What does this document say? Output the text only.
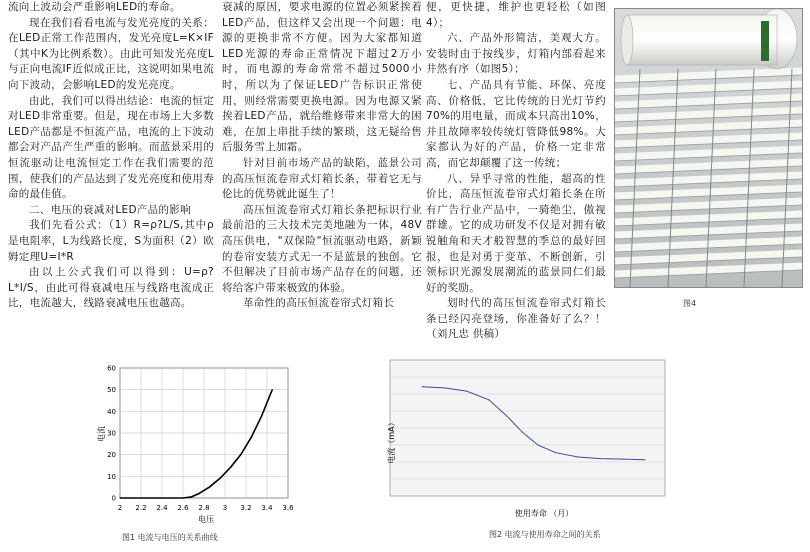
流向上波动会严重影响LED的寿命。

现在我们看看电流与发光亮度的关系：在LED正常工作范围内，发光亮度L=K×IF（其中K为比例系数）。由此可知发光亮度L与正向电流IF近似成正比，这说明如果电流向下波动，会影响LED的发光亮度。

由此，我们可以得出结论：电流的恒定对LED非常重要。但是，现在市场上大多数LED产品都是不恒流产品，电流的上下波动都会对产品产生严重的影响。而蓝景采用的恒流驱动让电流恒定工作在我们需要的范围，使我们的产品达到了发光亮度和使用寿命的最佳值。

二、电压的衰减对LED产品的影响

我们先看公式：（1）R=ρ?L/S,其中ρ是电阻率，L为线路长度，S为面积（2）欧姆定理U=I*R

由以上公式我们可以得到：U=ρ?L*I/S，由此可得衰减电压与线路电流成正比，电流越大，线路衰减电压也越高。

衰减的原因，要求电源的位置必须紧挨着LED产品，但这样又会出现一个问题：电源的更换非常不方便。因为大家都知道LED光源的寿命正常情况下超过2万小时，而电源的寿命常常不超过5000小时，所以为了保证LED广告标识正常使用，则经常需要更换电源。因为电源又紧挨着LED产品，就给维修带来非常大的困难，在加上串批手续的繁琐，这无疑给售后服务雪上加霜。

针对目前市场产品的缺陷，蓝景公司的高压恒流卷帘式灯箱长条，带着它无与伦比的优势就此诞生了！

高压恒流卷帘式灯箱长条把标识行业最前沿的三大技术完美地融为一体，48V高压供电，"双保险"恒流驱动电路，新颖的卷帘安装方式无一不是蓝景的独创。它不但解决了目前市场产品存在的问题，还将给客户带来极致的体验。

革命性的高压恒流卷帘式灯箱长

便，更快捷，维护也更轻松（如图4）；

六、产品外形简洁，美观大方。安装时由于按线步，灯箱内部看起来井然有序（如图5）；

七、产品具有节能、环保、亮度高、价格低，它比传统的日光灯节约70%的用电量，而成本只高出10%，并且故障率较传统灯管降低98%。大家都认为好的产品，价格一定非常高，而它却颠覆了这一传统；

八、异乎寻常的性能，超高的性价比，高压恒流卷帘式灯箱长条在所有广告行业产品中，一骑绝尘，傲视群雄。它的成功研发不仅是对拥有敏锐触角和天才般智慧的季总的最好回报，也是对勇于变革、不断创新，引领标识光源发展潮流的蓝景同仁们最好的奖励。

划时代的高压恒流卷帘式灯箱长条已经闪亮登场，你准备好了么？！（刘凡忠 供稿）

图4
2 2.2 2.4 2.6 2.8 3 3.2 3.4 3.6
0
10
20
30
40
50
60
电压
电流
图1 电流与电压的关系曲线
使用寿命 （月）
电流（mA）
图2 电流与使用寿命之间的关系
